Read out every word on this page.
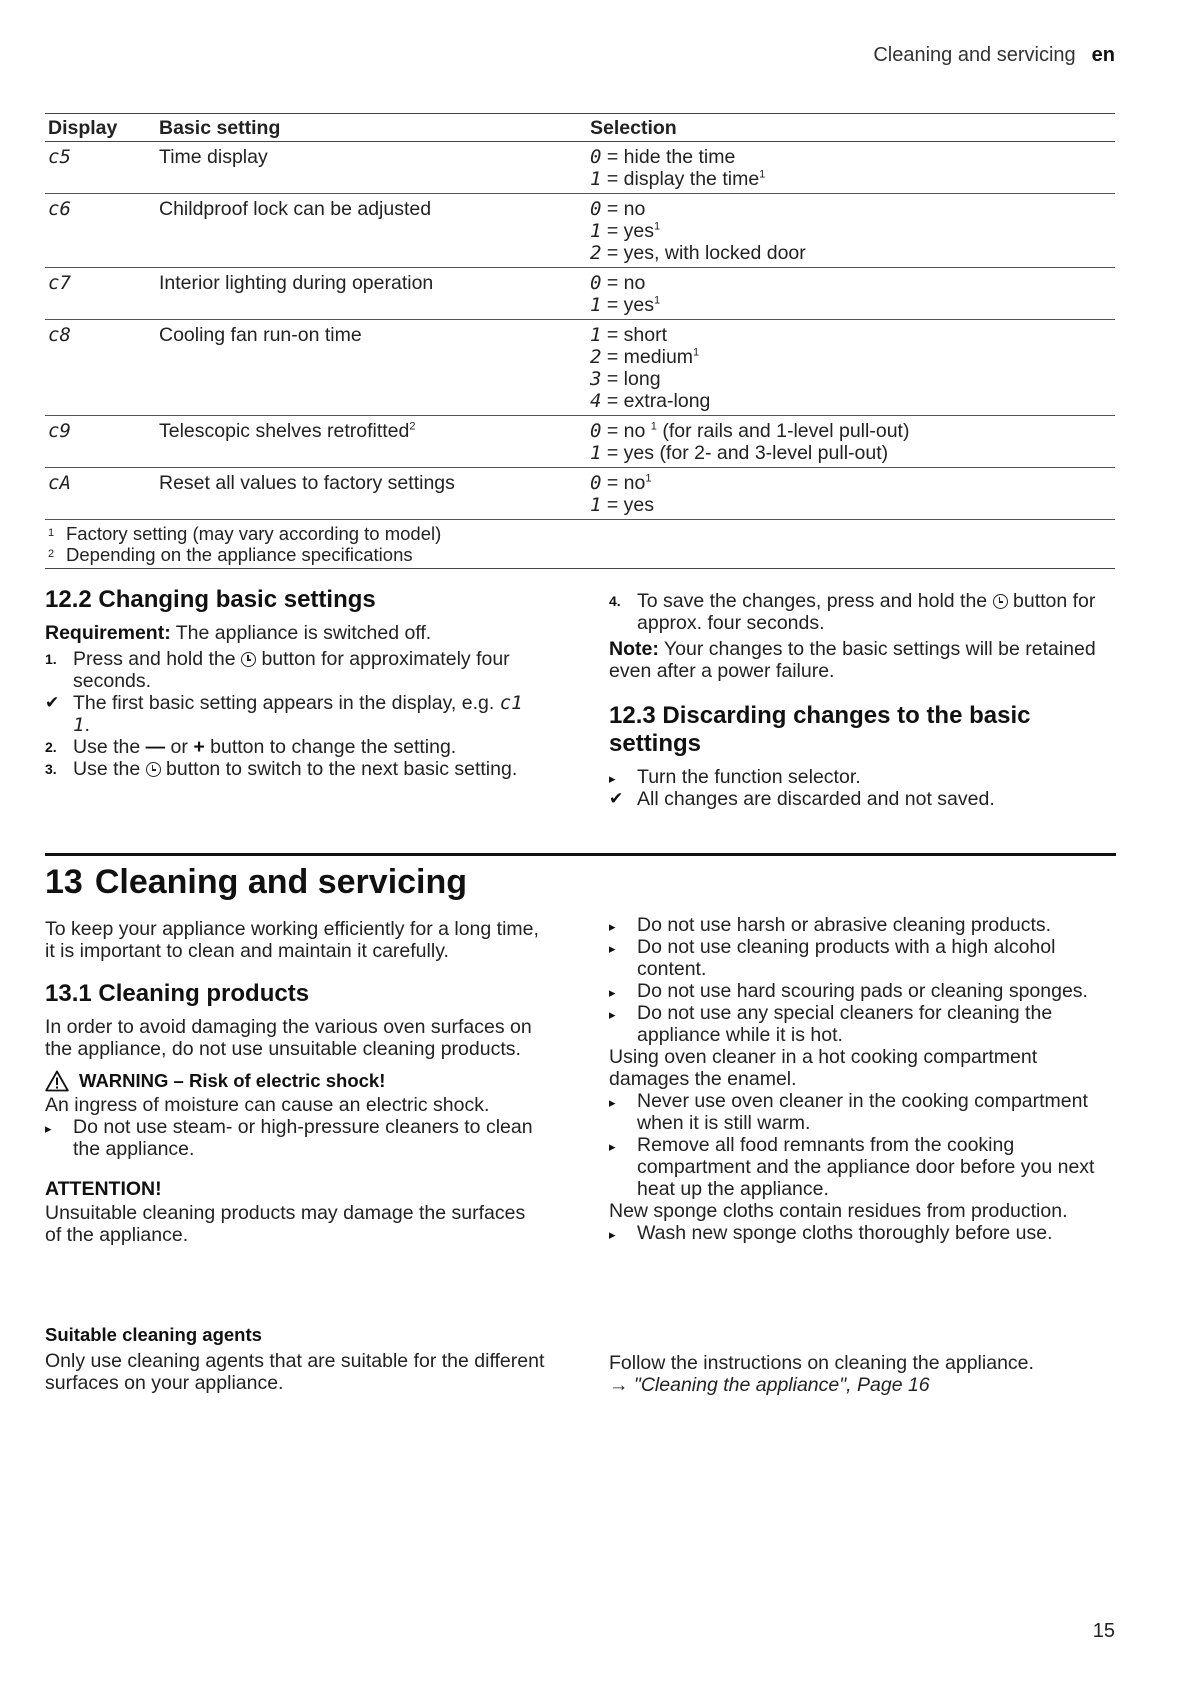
Cleaning and servicing en
Display	Basic setting	Selection
c5	Time display	0 = hide the time
1 = display the time$^1$

c6	Childproof lock can be adjusted	0 = no
1 = yes$^1$
2 = yes, with locked door

c7	Interior lighting during operation	0 = no
1 = yes$^1$

c8	Cooling fan run-on time	1 = short
2 = medium$^1$
3 = long
4 = extra-long

c9	Telescopic shelves retrofitted$^2$	0 = no $^1$ (for rails and 1-level pull-out)
1 = yes (for 2- and 3-level pull-out)

cA	Reset all values to factory settings	$0 = no^1$
1 = yes

1 Factory setting (may vary according to model)
2 Depending on the appliance specifications		
12.2 Changing basic settings

Requirement: The appliance is switched off.

1. Press and hold the button for approximately four seconds.
✔ The first basic setting appears in the display, e.g. c1 1.
2. Use the — or + button to change the setting.
3. Use the button to switch to the next basic setting.
4. To save the changes, press and hold the button for approx. four seconds.

Note: Your changes to the basic settings will be retained even after a power failure.

12.3 Discarding changes to the basic settings
▸ Turn the function selector.
✔ All changes are discarded and not saved.
13 Cleaning and servicing

To keep your appliance working efficiently for a long time, it is important to clean and maintain it carefully.

13.1 Cleaning products

In order to avoid damaging the various oven surfaces on the appliance, do not use unsuitable cleaning products.

WARNING – Risk of electric shock!

An ingress of moisture can cause an electric shock.

▸ Do not use steam- or high-pressure cleaners to clean the appliance.
ATTENTION!

Unsuitable cleaning products may damage the surfaces of the appliance.

▸ Do not use harsh or abrasive cleaning products.
▸ Do not use cleaning products with a high alcohol content.
▸ Do not use hard scouring pads or cleaning sponges.
▸ Do not use any special cleaners for cleaning the appliance while it is hot.

Using oven cleaner in a hot cooking compartment damages the enamel.

▸ Never use oven cleaner in the cooking compartment when it is still warm.
▸ Remove all food remnants from the cooking compartment and the appliance door before you next heat up the appliance.

New sponge cloths contain residues from production.

▸ Wash new sponge cloths thoroughly before use.
Suitable cleaning agents

Only use cleaning agents that are suitable for the different surfaces on your appliance.

Follow the instructions on cleaning the appliance.

→ "Cleaning the appliance", Page 16

15
